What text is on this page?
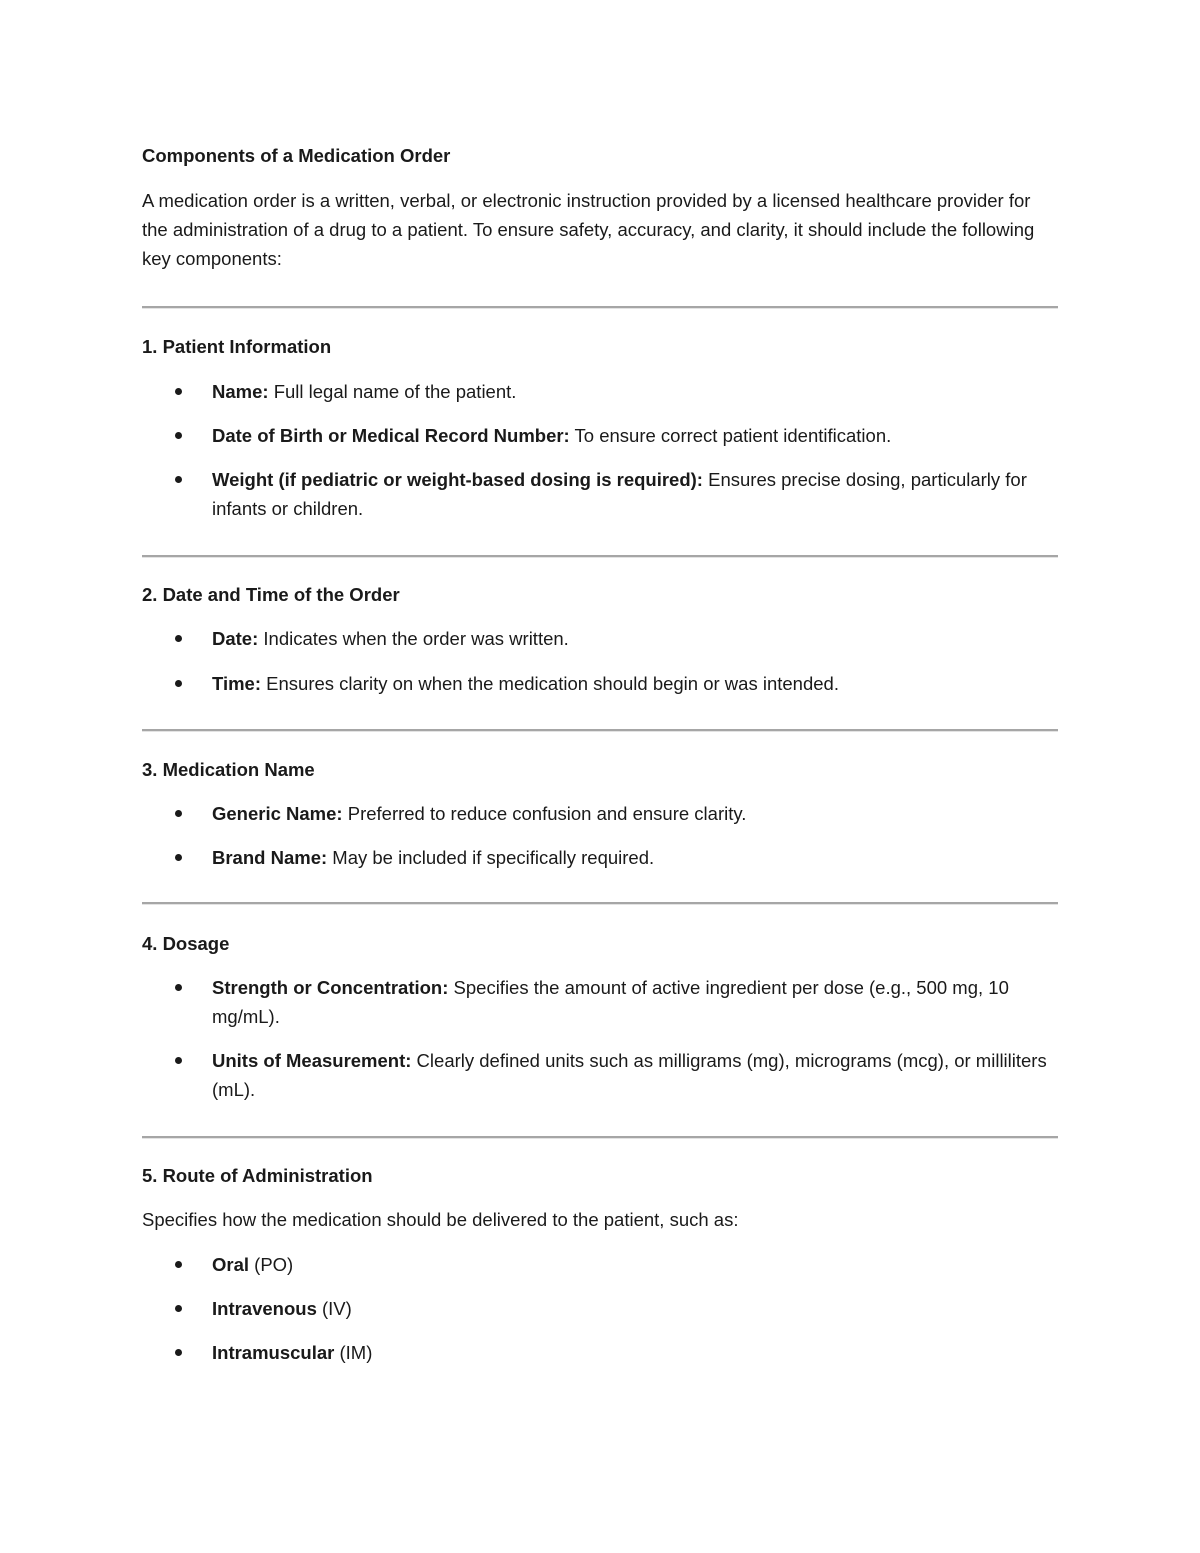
Components of a Medication Order

A medication order is a written, verbal, or electronic instruction provided by a licensed healthcare provider for the administration of a drug to a patient. To ensure safety, accuracy, and clarity, it should include the following key components:

1. Patient Information

Name: Full legal name of the patient.
Date of Birth or Medical Record Number: To ensure correct patient identification.
Weight (if pediatric or weight-based dosing is required): Ensures precise dosing, particularly for infants or children.

2. Date and Time of the Order

Date: Indicates when the order was written.
Time: Ensures clarity on when the medication should begin or was intended.

3. Medication Name

Generic Name: Preferred to reduce confusion and ensure clarity.
Brand Name: May be included if specifically required.

4. Dosage

Strength or Concentration: Specifies the amount of active ingredient per dose (e.g., 500 mg, 10 mg/mL).
Units of Measurement: Clearly defined units such as milligrams (mg), micrograms (mcg), or milliliters (mL).

5. Route of Administration

Specifies how the medication should be delivered to the patient, such as:

Oral (PO)
Intravenous (IV)
Intramuscular (IM)
